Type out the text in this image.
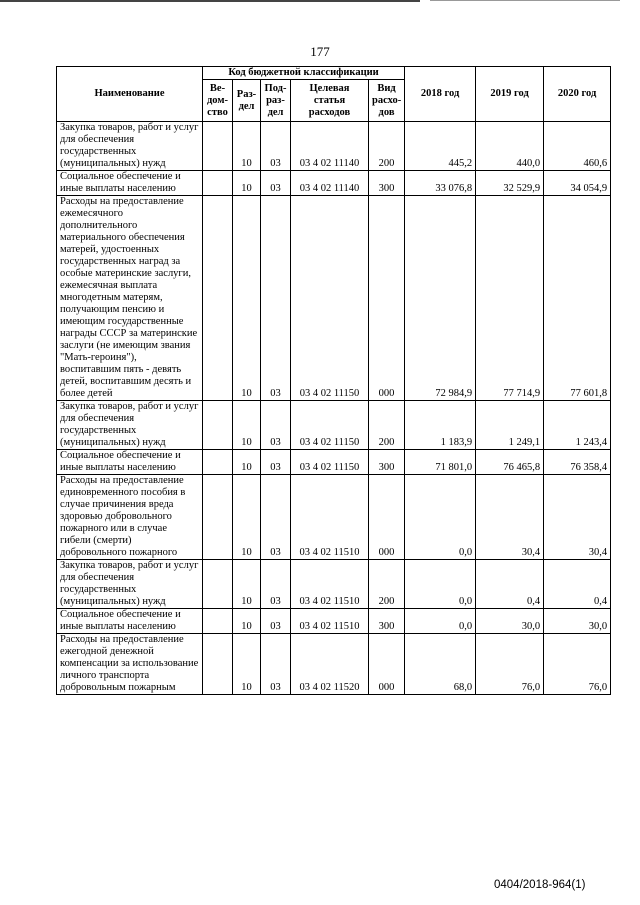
177
Наименование	Код бюджетной классификации					2018 год	2019 год	2020 год
	Ве-дом-ство	Раз-дел	Под-раз-дел	Целевая статья расходов	Вид расхо-дов			
Закупка товаров, работ и услуг для обеспечения государственных (муниципальных) нужд		10	03	03 4 02 11140	200	445,2	440,0	460,6
Социальное обеспечение и иные выплаты населению		10	03	03 4 02 11140	300	33 076,8	32 529,9	34 054,9
Расходы на предоставление ежемесячного дополнительного материального обеспечения матерей, удостоенных государственных наград за особые материнские заслуги, ежемесячная выплата многодетным матерям, получающим пенсию и имеющим государственные награды СССР за материнские заслуги (не имеющим звания "Мать-героиня"), воспитавшим пять - девять детей, воспитавшим десять и более детей		10	03	03 4 02 11150	000	72 984,9	77 714,9	77 601,8
Закупка товаров, работ и услуг для обеспечения государственных (муниципальных) нужд		10	03	03 4 02 11150	200	1 183,9	1 249,1	1 243,4
Социальное обеспечение и иные выплаты населению		10	03	03 4 02 11150	300	71 801,0	76 465,8	76 358,4
Расходы на предоставление единовременного пособия в случае причинения вреда здоровью добровольного пожарного или в случае гибели (смерти) добровольного пожарного		10	03	03 4 02 11510	000	0,0	30,4	30,4
Закупка товаров, работ и услуг для обеспечения государственных (муниципальных) нужд		10	03	03 4 02 11510	200	0,0	0,4	0,4
Социальное обеспечение и иные выплаты населению		10	03	03 4 02 11510	300	0,0	30,0	30,0
Расходы на предоставление ежегодной денежной компенсации за использование личного транспорта добровольным пожарным		10	03	03 4 02 11520	000	68,0	76,0	76,0
0404/2018-964(1)
